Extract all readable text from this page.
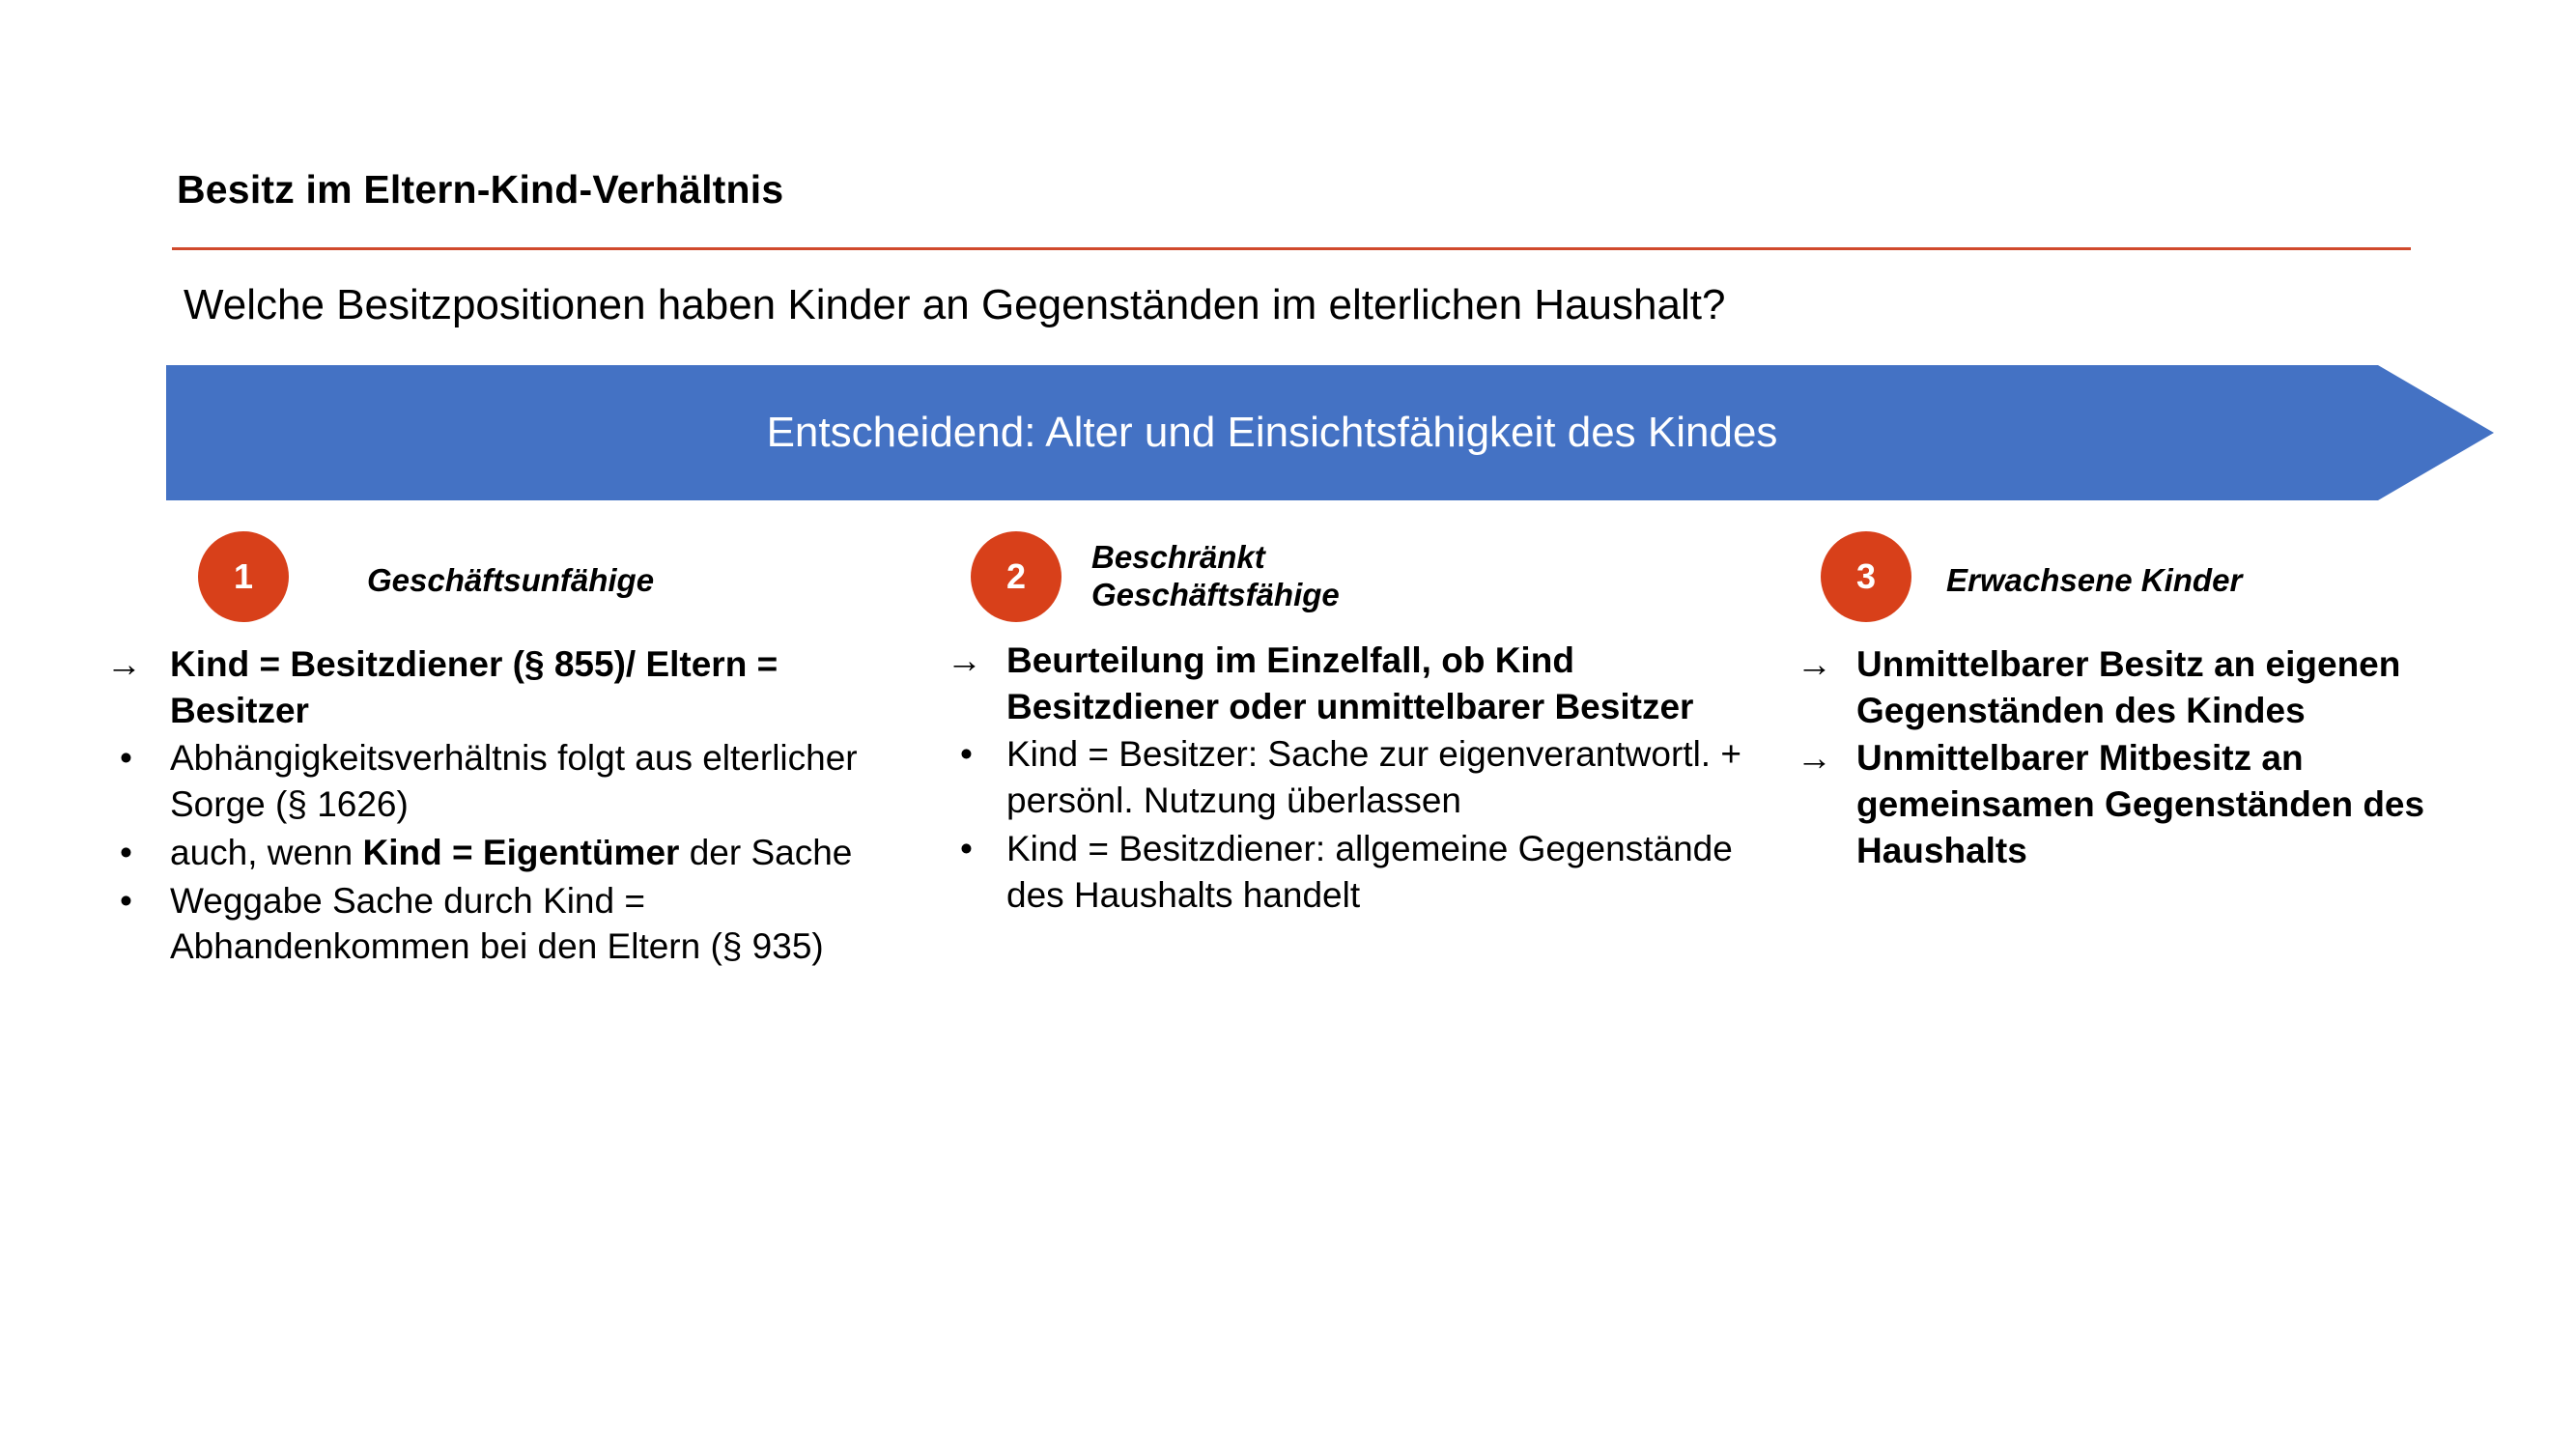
Besitz im Eltern-Kind-Verhältnis
Welche Besitzpositionen haben Kinder an Gegenständen im elterlichen Haushalt?
Entscheidend: Alter und Einsichtsfähigkeit des Kindes
1	Geschäftsunfähige
→ Kind = Besitzdiener (§ 855)/ Eltern = Besitzer
•	Abhängigkeitsverhältnis folgt aus elterlicher Sorge (§ 1626)
•	auch, wenn Kind = Eigentümer der Sache
•	Weggabe Sache durch Kind = Abhandenkommen bei den Eltern (§ 935)
2	Beschränkt Geschäftsfähige
→ Beurteilung im Einzelfall, ob Kind Besitzdiener oder unmittelbarer Besitzer
• Kind = Besitzer: Sache zur eigenverantwortl. + persönl. Nutzung überlassen
• Kind = Besitzdiener: allgemeine Gegenstände des Haushalts handelt
3	Erwachsene Kinder
→ Unmittelbarer Besitz an eigenen Gegenständen des Kindes
→ Unmittelbarer Mitbesitz an gemeinsamen Gegenständen des Haushalts
